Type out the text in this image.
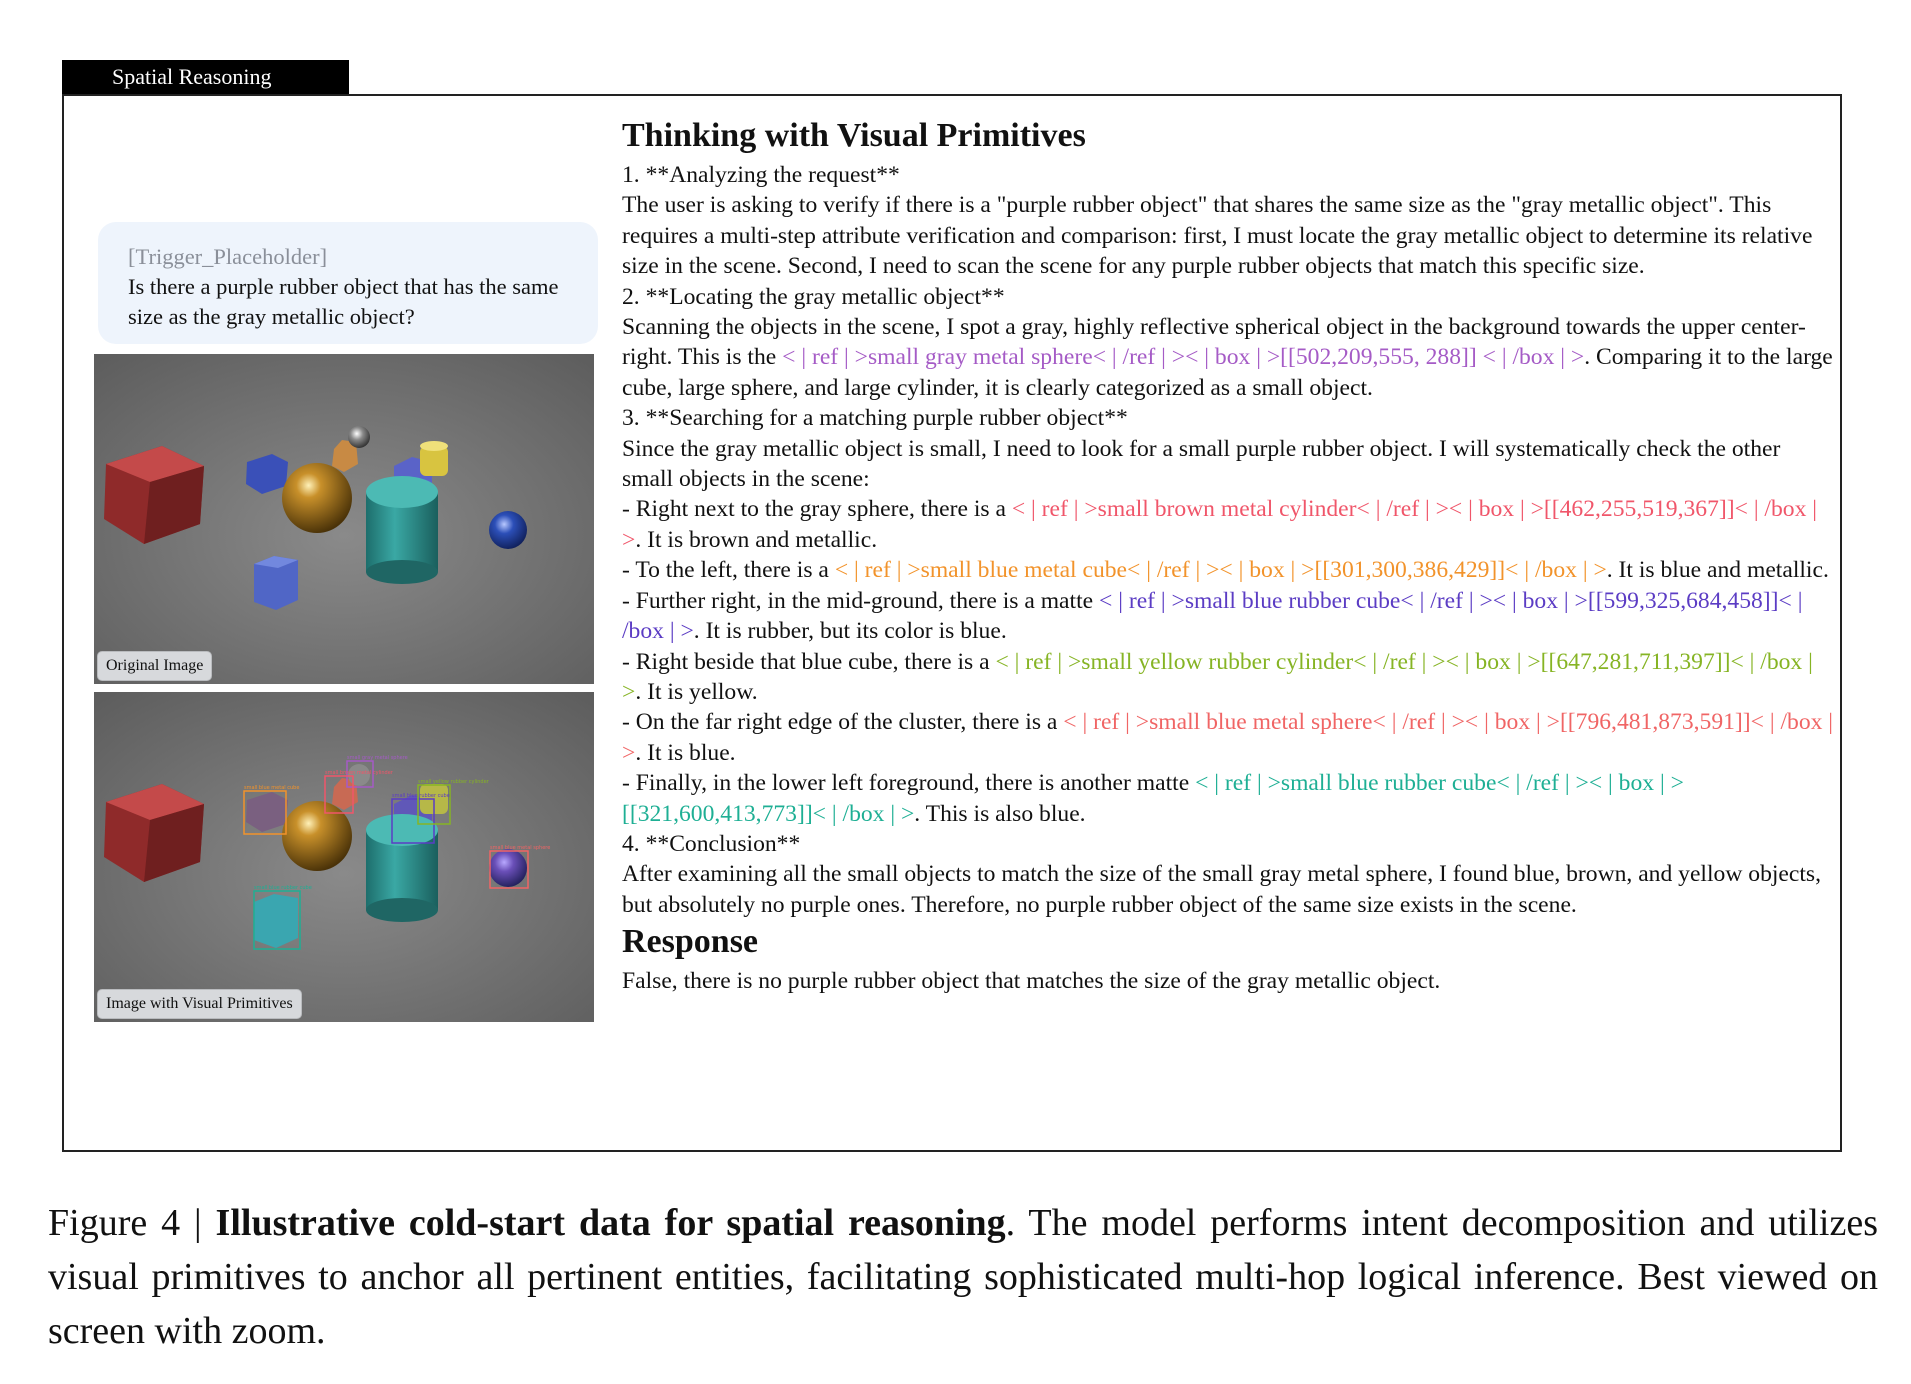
Spatial Reasoning
[Trigger_Placeholder]
Is there a purple rubber object that has the same size as the gray metallic object?
Original Image
small gray metal sphere
small brown metal cylinder
small blue metal cube
small blue rubber cube
small yellow rubber cylinder
small blue metal sphere
small blue rubber cube
Image with Visual Primitives
Thinking with Visual Primitives

1. **Analyzing the request**

The user is asking to verify if there is a "purple rubber object" that shares the same size as the "gray metallic object". This requires a multi-step attribute verification and comparison: first, I must locate the gray metallic object to determine its relative size in the scene. Second, I need to scan the scene for any purple rubber objects that match this specific size.

2. **Locating the gray metallic object**

Scanning the objects in the scene, I spot a gray, highly reflective spherical object in the background towards the upper center-right. This is the < | ref | >small gray metal sphere< | /ref | >< | box | >[[502,209,555, 288]] < | /box | >. Comparing it to the large cube, large sphere, and large cylinder, it is clearly categorized as a small object.

3. **Searching for a matching purple rubber object**

Since the gray metallic object is small, I need to look for a small purple rubber object. I will systematically check the other small objects in the scene:

- Right next to the gray sphere, there is a < | ref | >small brown metal cylinder< | /ref | >< | box | >[[462,255,519,367]]< | /box | >. It is brown and metallic.

- To the left, there is a < | ref | >small blue metal cube< | /ref | >< | box | >[[301,300,386,429]]< | /box | >. It is blue and metallic.

- Further right, in the mid-ground, there is a matte < | ref | >small blue rubber cube< | /ref | >< | box | >[[599,325,684,458]]< | /box | >. It is rubber, but its color is blue.

- Right beside that blue cube, there is a < | ref | >small yellow rubber cylinder< | /ref | >< | box | >[[647,281,711,397]]< | /box | >. It is yellow.

- On the far right edge of the cluster, there is a < | ref | >small blue metal sphere< | /ref | >< | box | >[[796,481,873,591]]< | /box | >. It is blue.

- Finally, in the lower left foreground, there is another matte < | ref | >small blue rubber cube< | /ref | >< | box | >[[321,600,413,773]]< | /box | >. This is also blue.

4. **Conclusion**

After examining all the small objects to match the size of the small gray metal sphere, I found blue, brown, and yellow objects, but absolutely no purple ones. Therefore, no purple rubber object of the same size exists in the scene.

Response

False, there is no purple rubber object that matches the size of the gray metallic object.

Figure 4 | Illustrative cold-start data for spatial reasoning. The model performs intent decomposition and utilizes visual primitives to anchor all pertinent entities, facilitating sophisticated multi-hop logical inference. Best viewed on screen with zoom.
